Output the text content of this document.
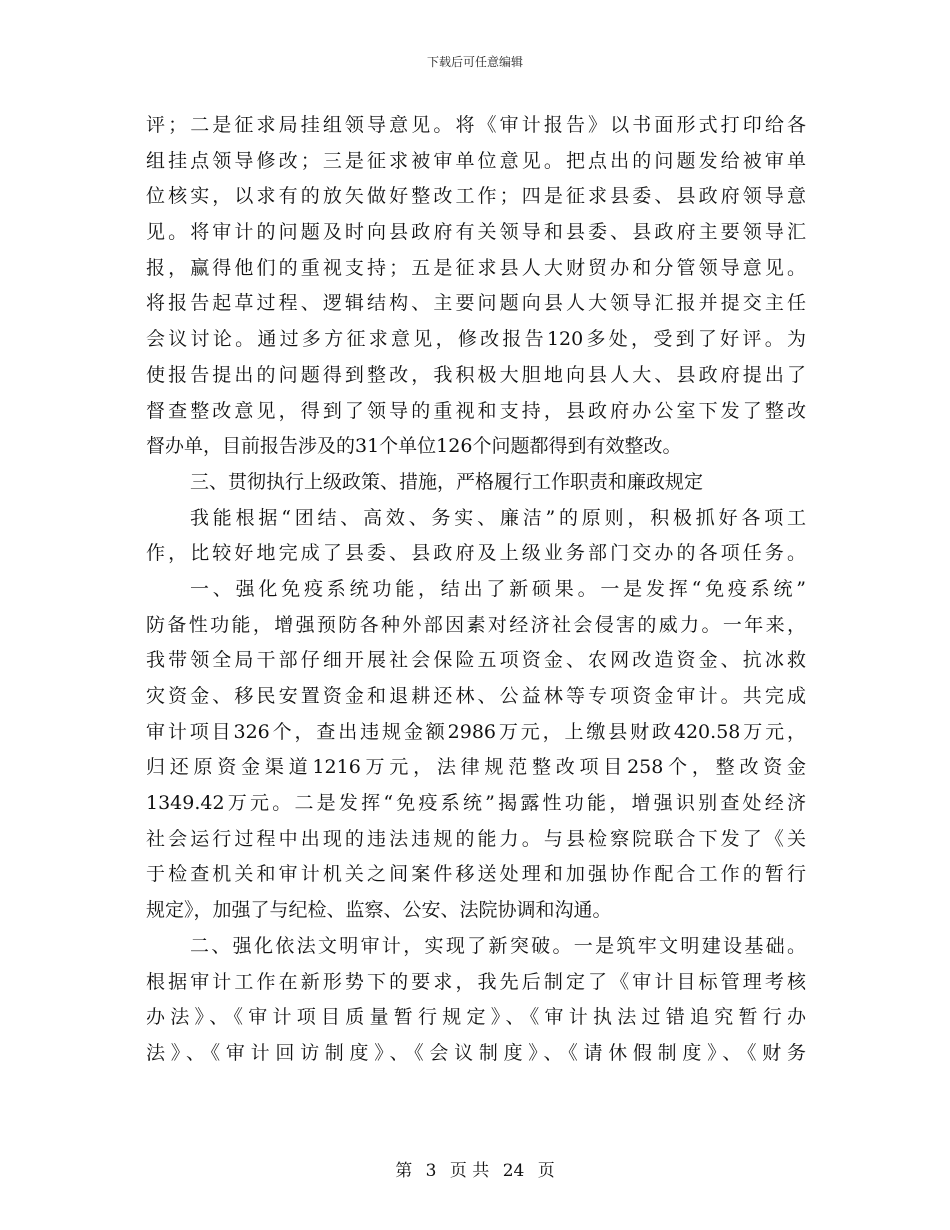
下载后可任意编辑
评；二是征求局挂组领导意见。将《审计报告》以书面形式打印给各
组挂点领导修改；三是征求被审单位意见。把点出的问题发给被审单
位核实，以求有的放矢做好整改工作；四是征求县委、县政府领导意
见。将审计的问题及时向县政府有关领导和县委、县政府主要领导汇
报，赢得他们的重视支持；五是征求县人大财贸办和分管领导意见。
将报告起草过程、逻辑结构、主要问题向县人大领导汇报并提交主任
会议讨论。通过多方征求意见，修改报告120多处，受到了好评。为
使报告提出的问题得到整改，我积极大胆地向县人大、县政府提出了
督查整改意见，得到了领导的重视和支持，县政府办公室下发了整改
督办单，目前报告涉及的31个单位126个问题都得到有效整改。
三、贯彻执行上级政策、措施，严格履行工作职责和廉政规定
我能根据“团结、高效、务实、廉洁”的原则，积极抓好各项工
作，比较好地完成了县委、县政府及上级业务部门交办的各项任务。
一、强化免疫系统功能，结出了新硕果。一是发挥“免疫系统”
防备性功能，增强预防各种外部因素对经济社会侵害的威力。一年来，
我带领全局干部仔细开展社会保险五项资金、农网改造资金、抗冰救
灾资金、移民安置资金和退耕还林、公益林等专项资金审计。共完成
审计项目326个，查出违规金额2986万元，上缴县财政420.58万元，
归还原资金渠道1216万元，法律规范整改项目258个，整改资金
1349.42万元。二是发挥“免疫系统”揭露性功能，增强识别查处经济
社会运行过程中出现的违法违规的能力。与县检察院联合下发了《关
于检查机关和审计机关之间案件移送处理和加强协作配合工作的暂行
规定》，加强了与纪检、监察、公安、法院协调和沟通。
二、强化依法文明审计，实现了新突破。一是筑牢文明建设基础。
根据审计工作在新形势下的要求，我先后制定了《审计目标管理考核
办法》、《审计项目质量暂行规定》、《审计执法过错追究暂行办
法》、《审计回访制度》、《会议制度》、《请休假制度》、《财务
第 3 页 共 24 页
